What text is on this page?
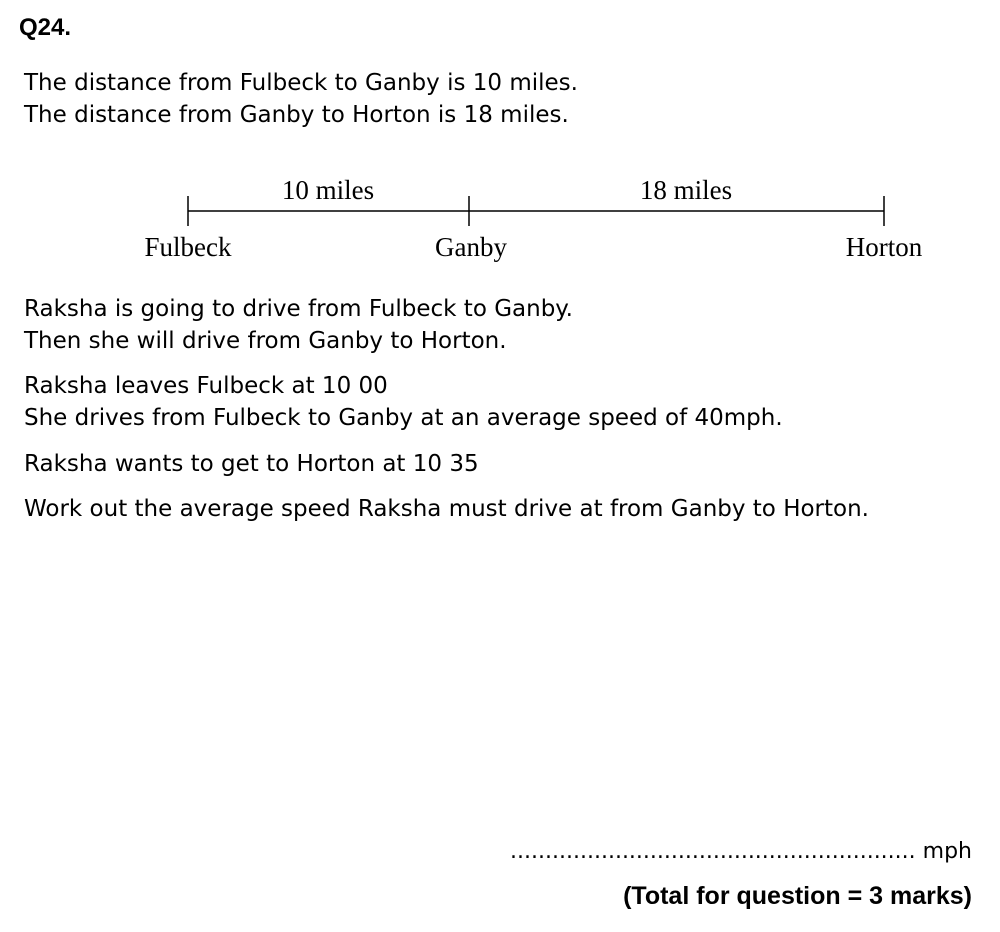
Q24.
The distance from Fulbeck to Ganby is 10 miles.
The distance from Ganby to Horton is 18 miles.
10 miles	18 miles
Fulbeck	Ganby	Horton
Raksha is going to drive from Fulbeck to Ganby.
Then she will drive from Ganby to Horton.
Raksha leaves Fulbeck at 10 00
She drives from Fulbeck to Ganby at an average speed of 40mph.
Raksha wants to get to Horton at 10 35
Work out the average speed Raksha must drive at from Ganby to Horton.
.......................................................... mph
(Total for question = 3 marks)
